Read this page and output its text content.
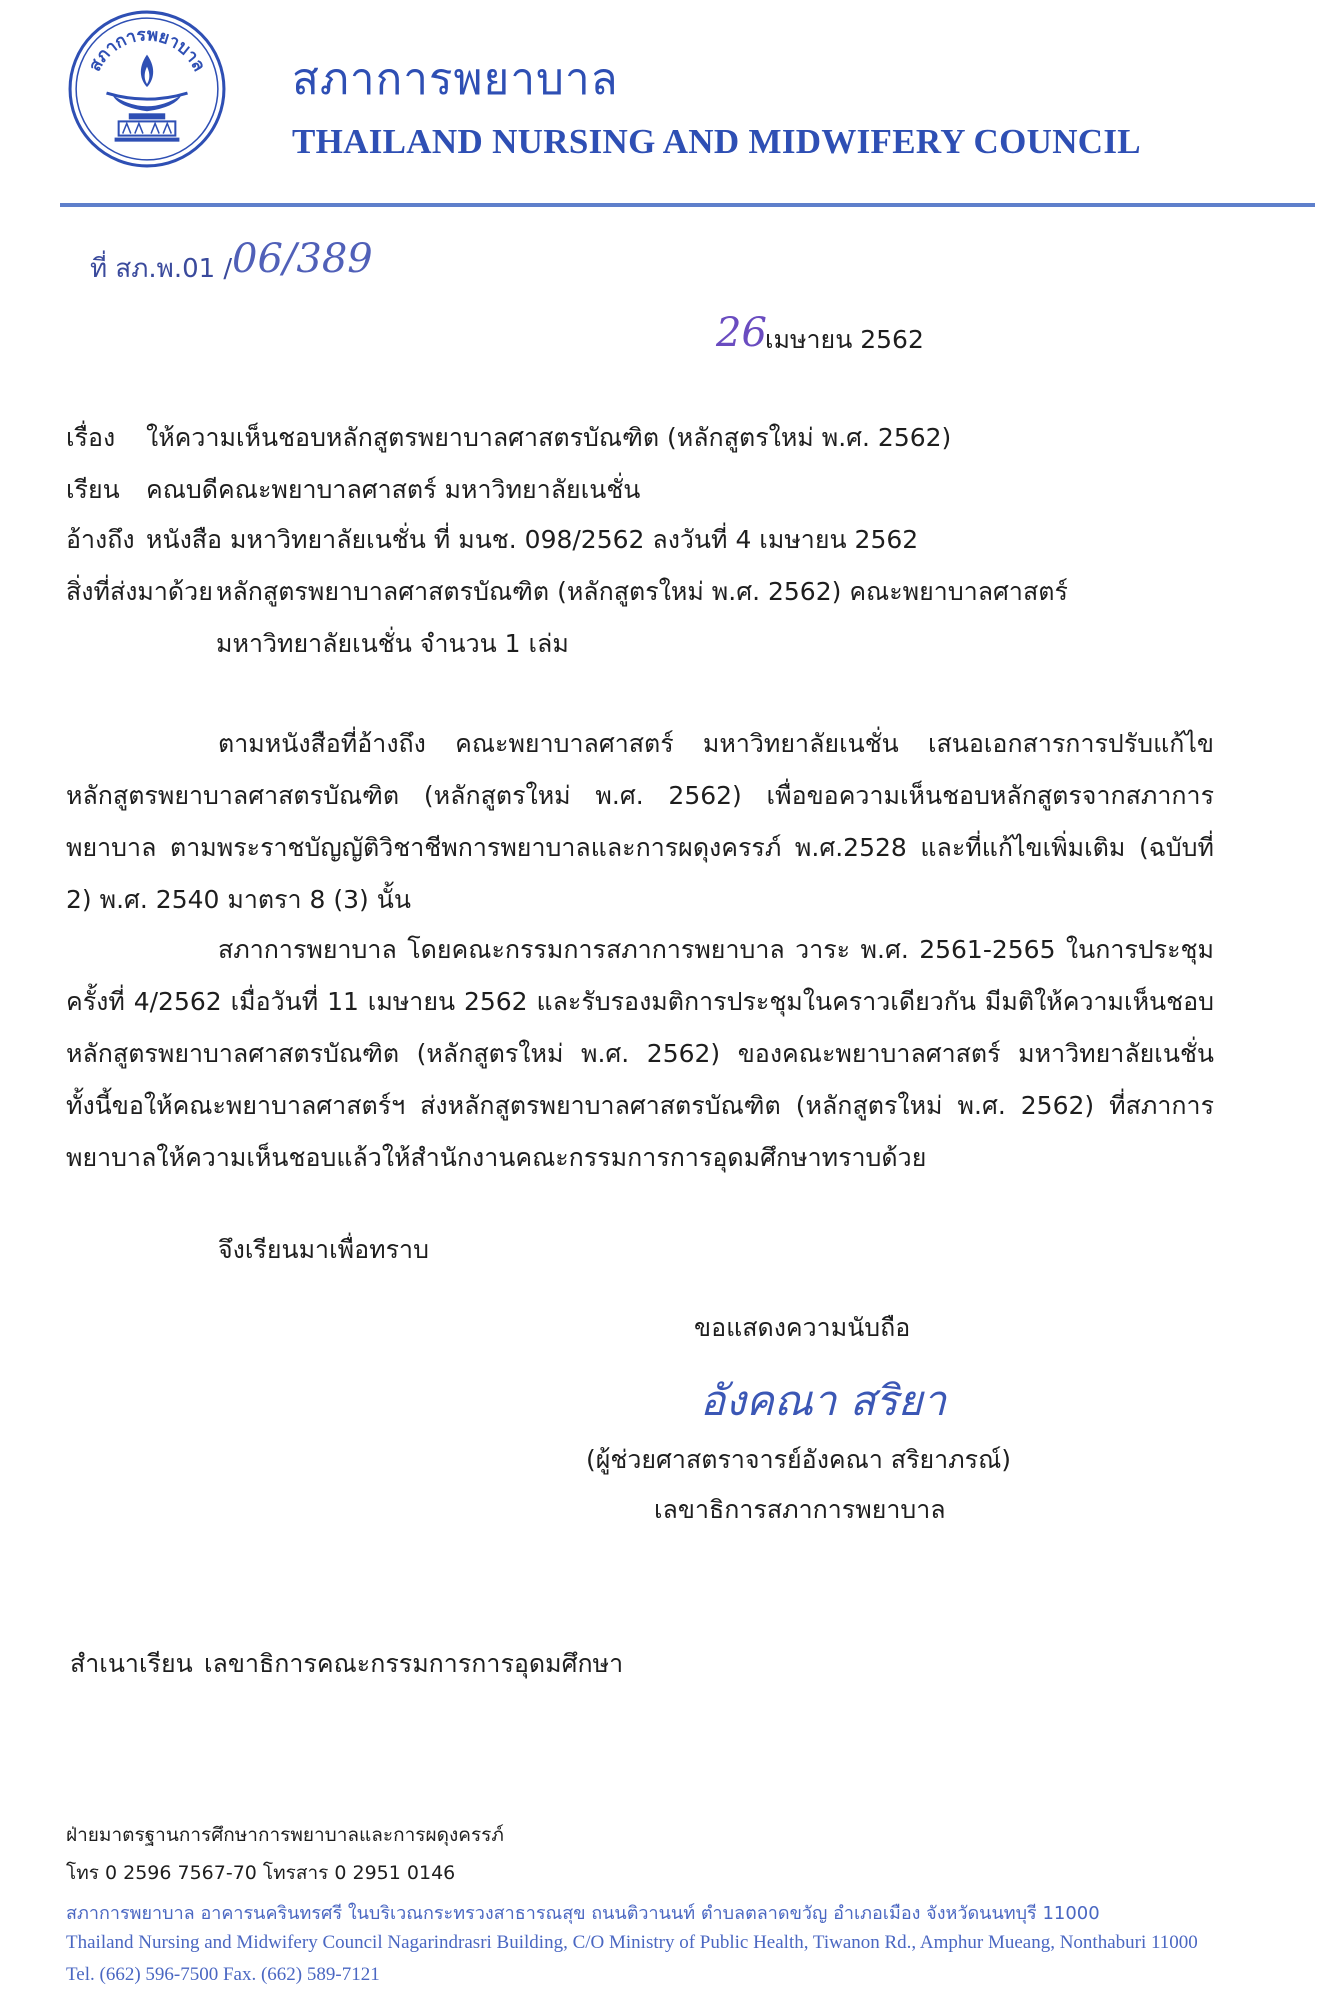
สภาการพยาบาล สภาการพยาบาล
THAILAND NURSING AND MIDWIFERY COUNCIL
ที่ สภ.พ.01 / 06/389
26
เมษายน 2562
เรื่อง ให้ความเห็นชอบหลักสูตรพยาบาลศาสตรบัณฑิต (หลักสูตรใหม่ พ.ศ. 2562)
เรียน คณบดีคณะพยาบาลศาสตร์ มหาวิทยาลัยเนชั่น
อ้างถึง หนังสือ มหาวิทยาลัยเนชั่น ที่ มนช. 098/2562 ลงวันที่ 4 เมษายน 2562
สิ่งที่ส่งมาด้วย หลักสูตรพยาบาลศาสตรบัณฑิต (หลักสูตรใหม่ พ.ศ. 2562) คณะพยาบาลศาสตร์
มหาวิทยาลัยเนชั่น จำนวน 1 เล่ม
ตามหนังสือที่อ้างถึง คณะพยาบาลศาสตร์ มหาวิทยาลัยเนชั่น เสนอเอกสารการปรับแก้ไขหลักสูตรพยาบาลศาสตรบัณฑิต (หลักสูตรใหม่ พ.ศ. 2562) เพื่อขอความเห็นชอบหลักสูตรจากสภาการพยาบาล ตามพระราชบัญญัติวิชาชีพการพยาบาลและการผดุงครรภ์ พ.ศ.2528 และที่แก้ไขเพิ่มเติม (ฉบับที่ 2) พ.ศ. 2540 มาตรา 8 (3) นั้น
สภาการพยาบาล โดยคณะกรรมการสภาการพยาบาล วาระ พ.ศ. 2561-2565 ในการประชุมครั้งที่ 4/2562 เมื่อวันที่ 11 เมษายน 2562 และรับรองมติการประชุมในคราวเดียวกัน มีมติให้ความเห็นชอบหลักสูตรพยาบาลศาสตรบัณฑิต (หลักสูตรใหม่ พ.ศ. 2562) ของคณะพยาบาลศาสตร์ มหาวิทยาลัยเนชั่น ทั้งนี้ขอให้คณะพยาบาลศาสตร์ฯ ส่งหลักสูตรพยาบาลศาสตรบัณฑิต (หลักสูตรใหม่ พ.ศ. 2562) ที่สภาการพยาบาลให้ความเห็นชอบแล้วให้สำนักงานคณะกรรมการการอุดมศึกษาทราบด้วย
จึงเรียนมาเพื่อทราบ
ขอแสดงความนับถือ
อังคณา สริยา
(ผู้ช่วยศาสตราจารย์อังคณา สริยาภรณ์)
เลขาธิการสภาการพยาบาล
สำเนาเรียน เลขาธิการคณะกรรมการการอุดมศึกษา
ฝ่ายมาตรฐานการศึกษาการพยาบาลและการผดุงครรภ์
โทร 0 2596 7567-70 โทรสาร 0 2951 0146
สภาการพยาบาล อาคารนครินทรศรี ในบริเวณกระทรวงสาธารณสุข ถนนติวานนท์ ตำบลตลาดขวัญ อำเภอเมือง จังหวัดนนทบุรี 11000
Thailand Nursing and Midwifery Council Nagarindrasri Building, C/O Ministry of Public Health, Tiwanon Rd., Amphur Mueang, Nonthaburi 11000
Tel. (662) 596-7500 Fax. (662) 589-7121
